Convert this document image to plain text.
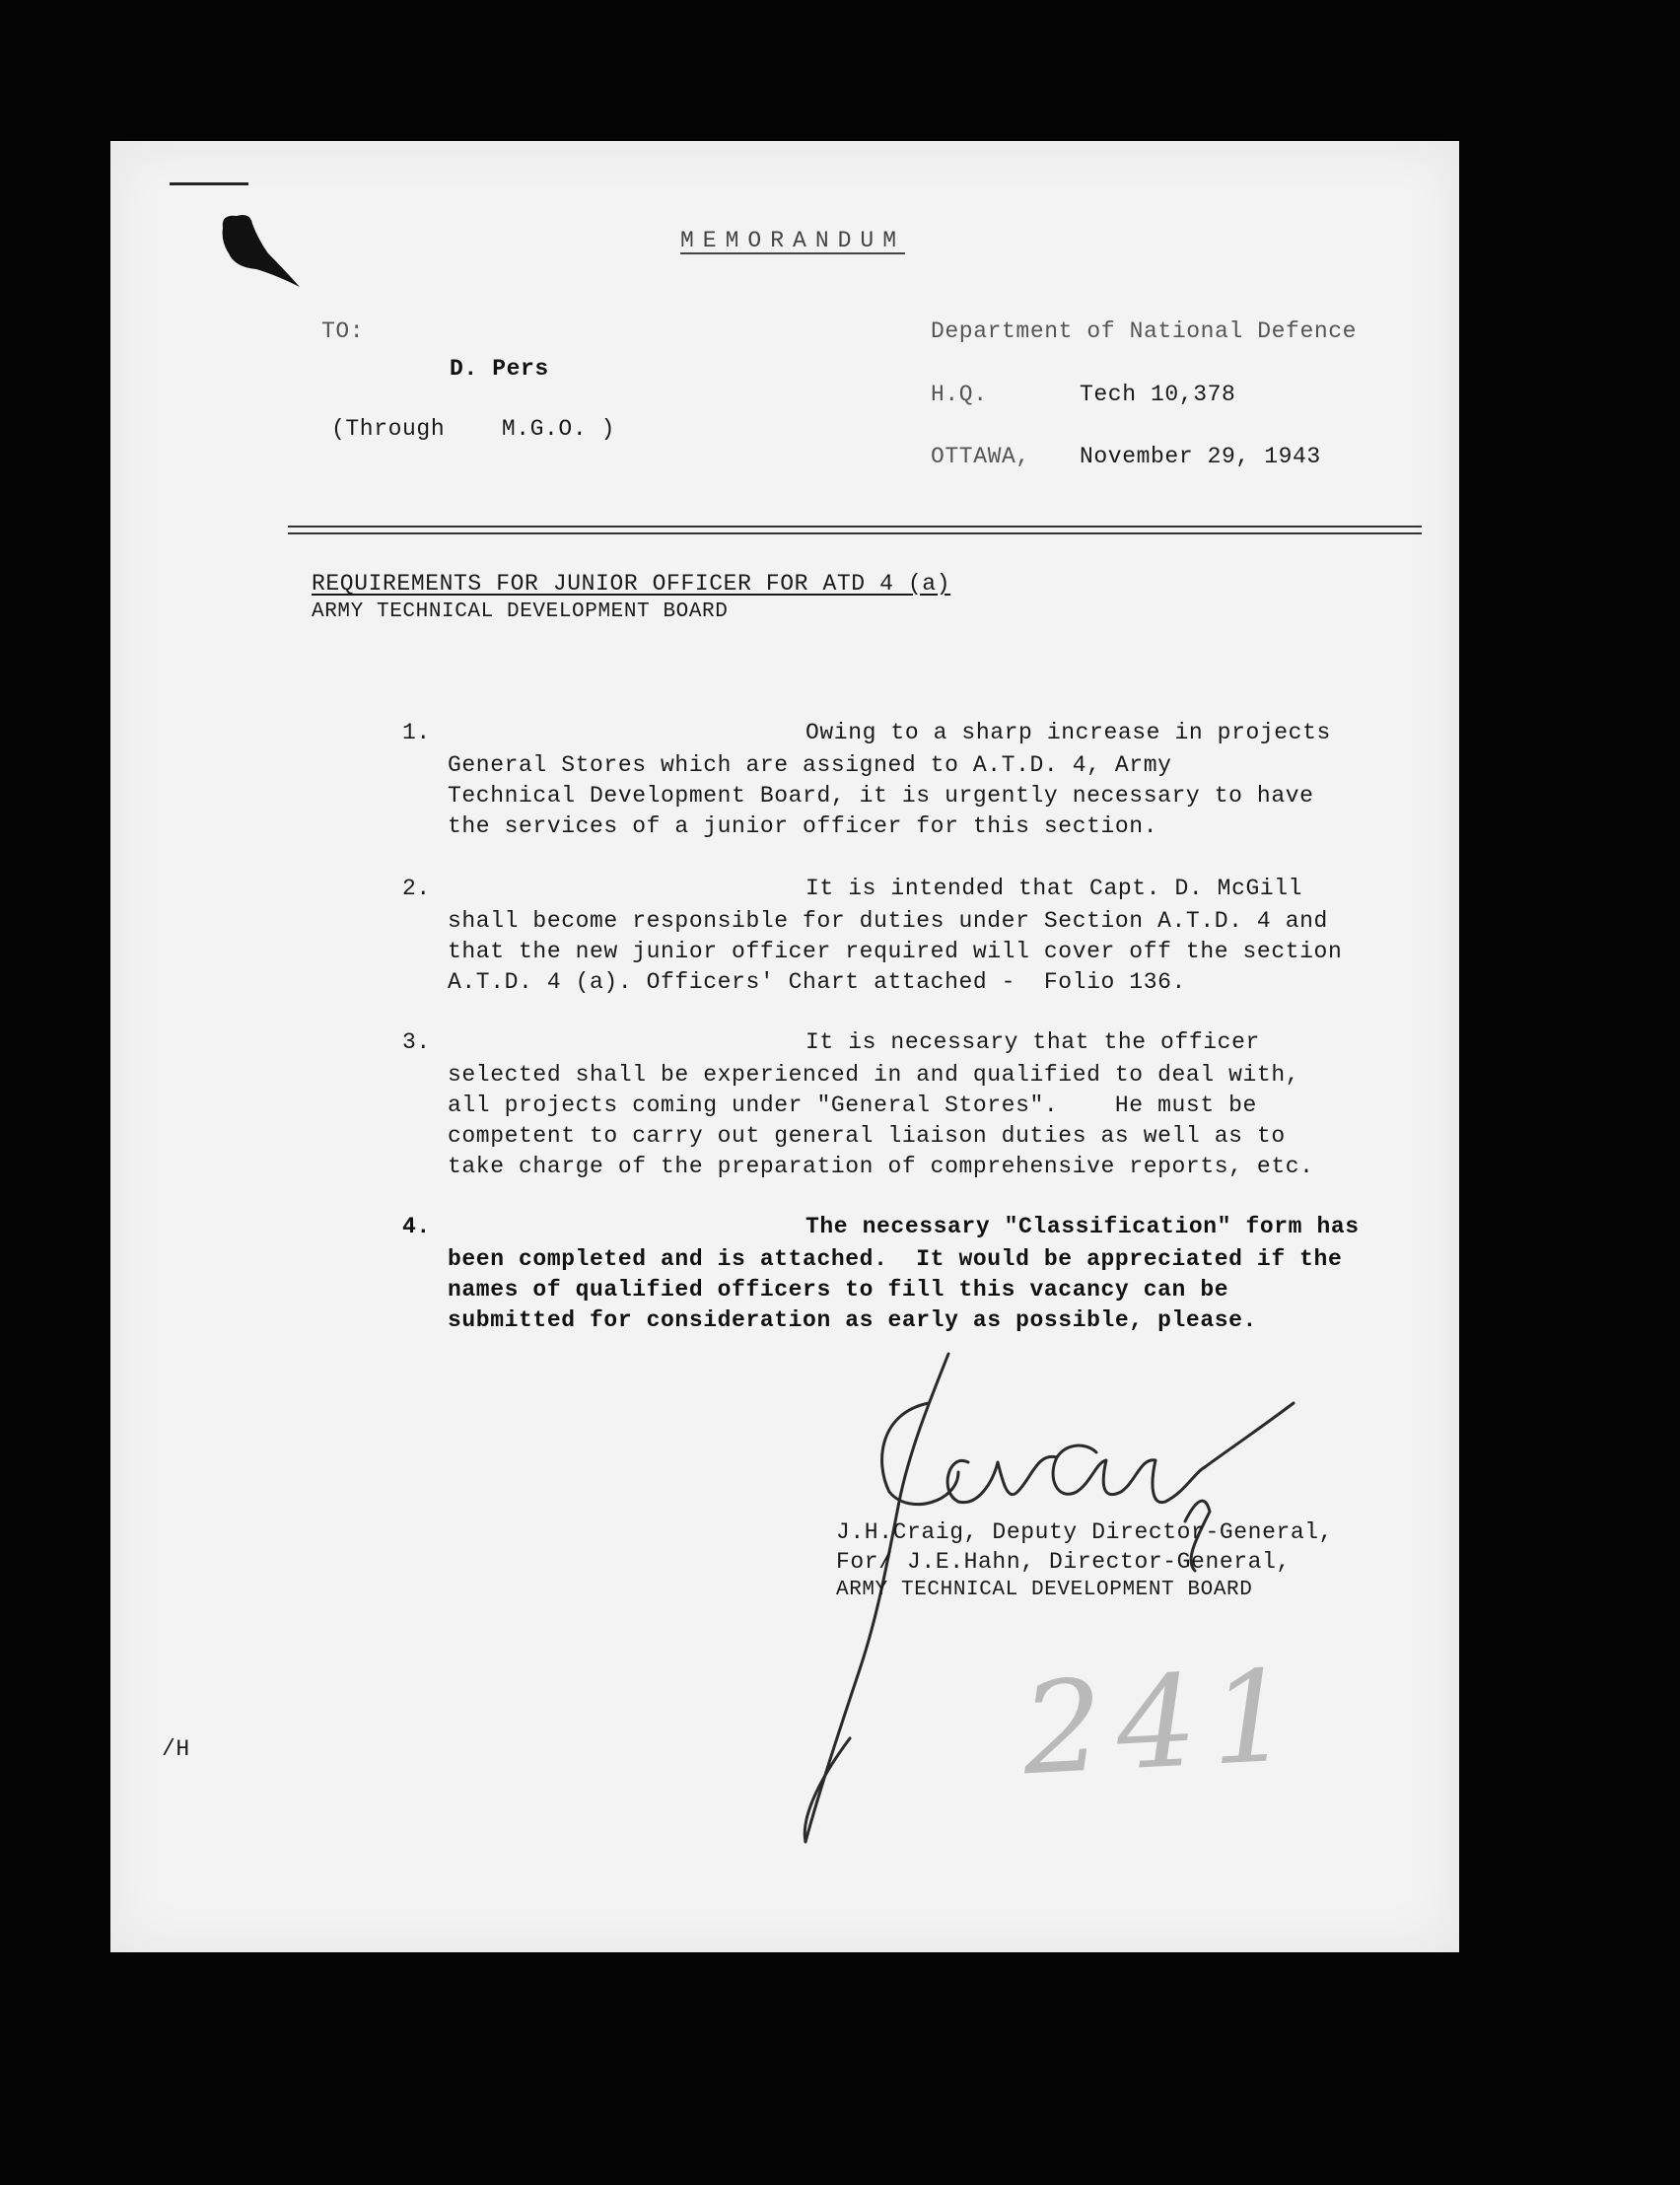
MEMORANDUM
TO:
D. Pers
(Through    M.G.O. )
Department of National Defence
H.Q.	Tech 10,378
OTTAWA, November 29, 1943
REQUIREMENTS FOR JUNIOR OFFICER FOR ATD 4 (a)
ARMY TECHNICAL DEVELOPMENT BOARD
1.	Owing to a sharp increase in projects
General Stores which are assigned to A.T.D. 4, Army
Technical Development Board, it is urgently necessary to have
the services of a junior officer for this section.
2.	It is intended that Capt. D. McGill
shall become responsible for duties under Section A.T.D. 4 and
that the new junior officer required will cover off the section
A.T.D. 4 (a). Officers' Chart attached -  Folio 136.
3.	It is necessary that the officer
selected shall be experienced in and qualified to deal with,
all projects coming under "General Stores".    He must be
competent to carry out general liaison duties as well as to
take charge of the preparation of comprehensive reports, etc.
4.	The necessary "Classification" form has
been completed and is attached.  It would be appreciated if the
names of qualified officers to fill this vacancy can be
submitted for consideration as early as possible, please.
J.H.Craig, Deputy Director-General,
For/ J.E.Hahn, Director-General,
ARMY TECHNICAL DEVELOPMENT BOARD
/H	241
